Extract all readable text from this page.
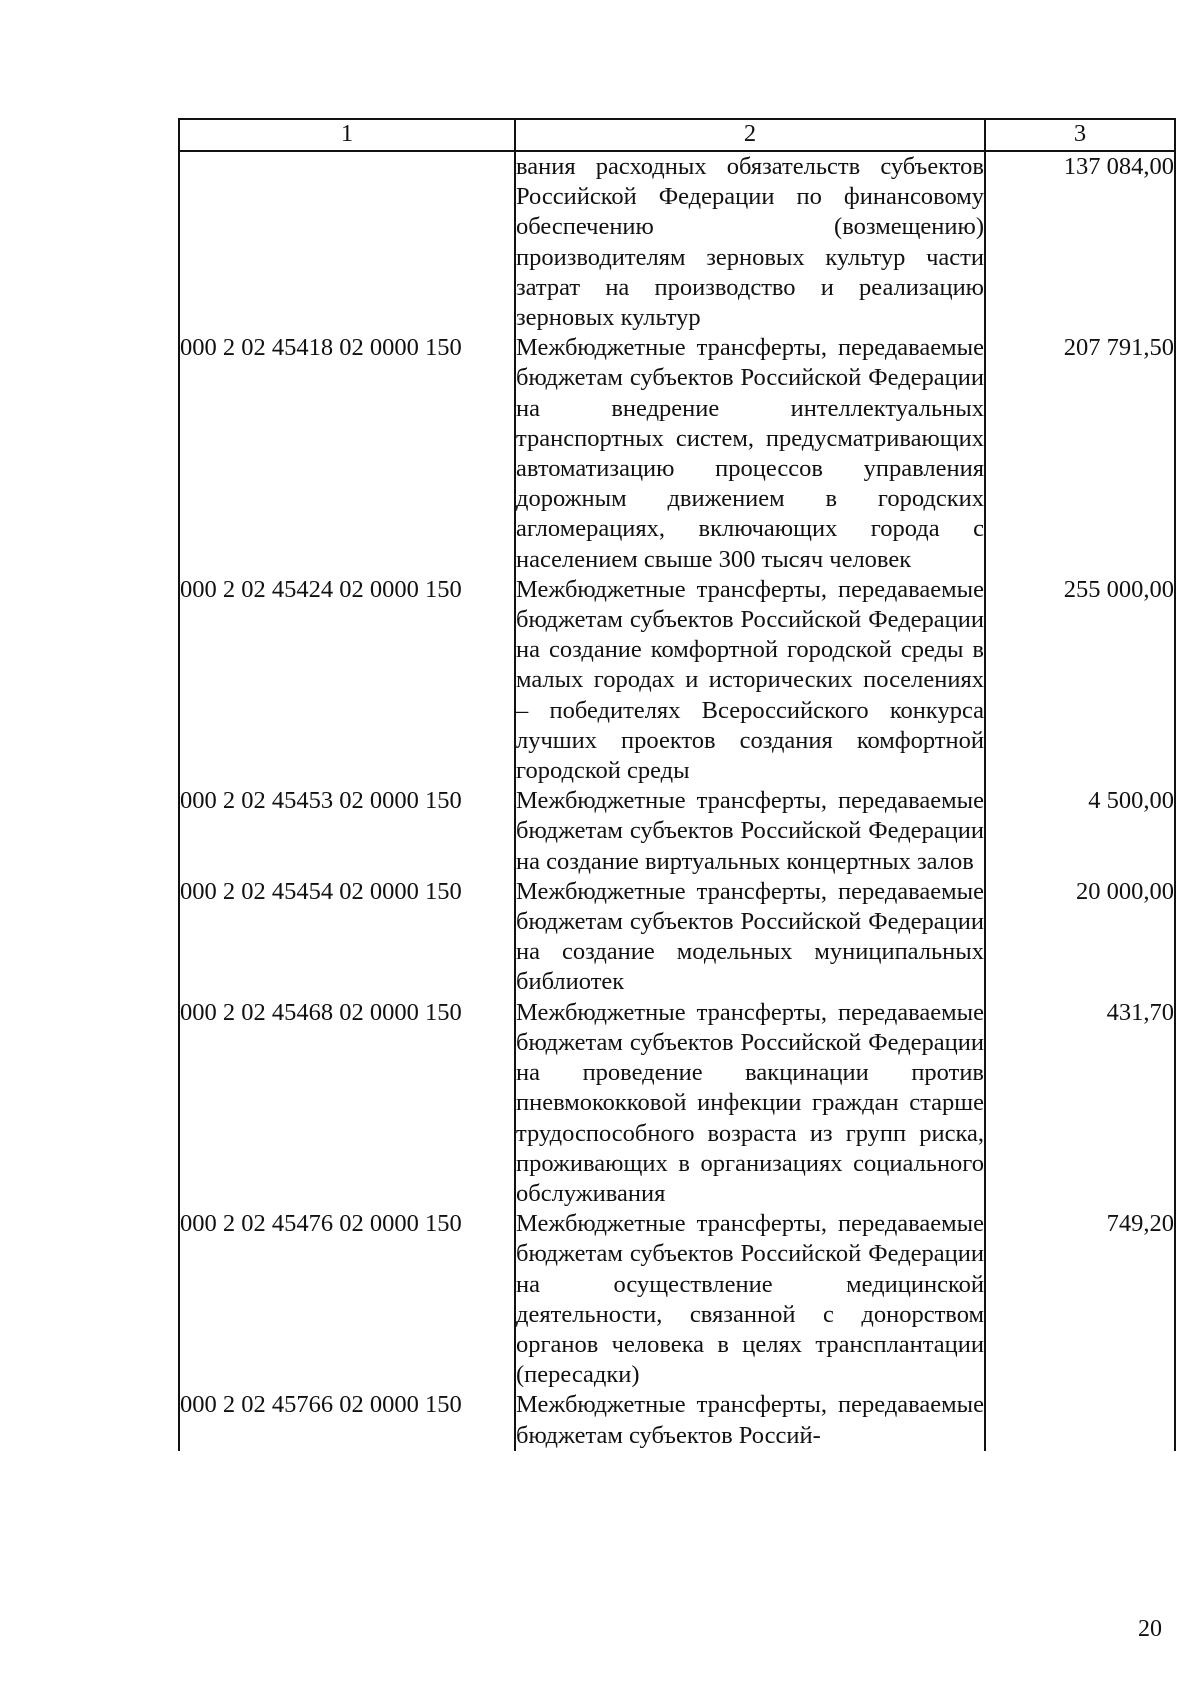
1	2	3
	вания расходных обязательств субъектов Российской Федерации по финансовому обеспечению (возмещению) производителям зерновых культур части затрат на производство и реализацию зерновых культур	137 084,00
000 2 02 45418 02 0000 150	Межбюджетные трансферты, передаваемые бюджетам субъектов Российской Федерации на внедрение интеллектуальных транспортных систем, предусматривающих автоматизацию процессов управления дорожным движением в городских агломерациях, включающих города с населением свыше 300 тысяч человек	207 791,50
000 2 02 45424 02 0000 150	Межбюджетные трансферты, передаваемые бюджетам субъектов Российской Федерации на создание комфортной городской среды в малых городах и исторических поселениях – победителях Всероссийского конкурса лучших проектов создания комфортной городской среды	255 000,00
000 2 02 45453 02 0000 150	Межбюджетные трансферты, передаваемые бюджетам субъектов Российской Федерации на создание виртуальных концертных залов	4 500,00
000 2 02 45454 02 0000 150	Межбюджетные трансферты, передаваемые бюджетам субъектов Российской Федерации на создание модельных муниципальных библиотек	20 000,00
000 2 02 45468 02 0000 150	Межбюджетные трансферты, передаваемые бюджетам субъектов Российской Федерации на проведение вакцинации против пневмококковой инфекции граждан старше трудоспособного возраста из групп риска, проживающих в организациях социального обслуживания	431,70
000 2 02 45476 02 0000 150	Межбюджетные трансферты, передаваемые бюджетам субъектов Российской Федерации на осуществление медицинской деятельности, связанной с донорством органов человека в целях трансплантации (пересадки)	749,20
000 2 02 45766 02 0000 150	Межбюджетные трансферты, передаваемые бюджетам субъектов Россий-	
20
